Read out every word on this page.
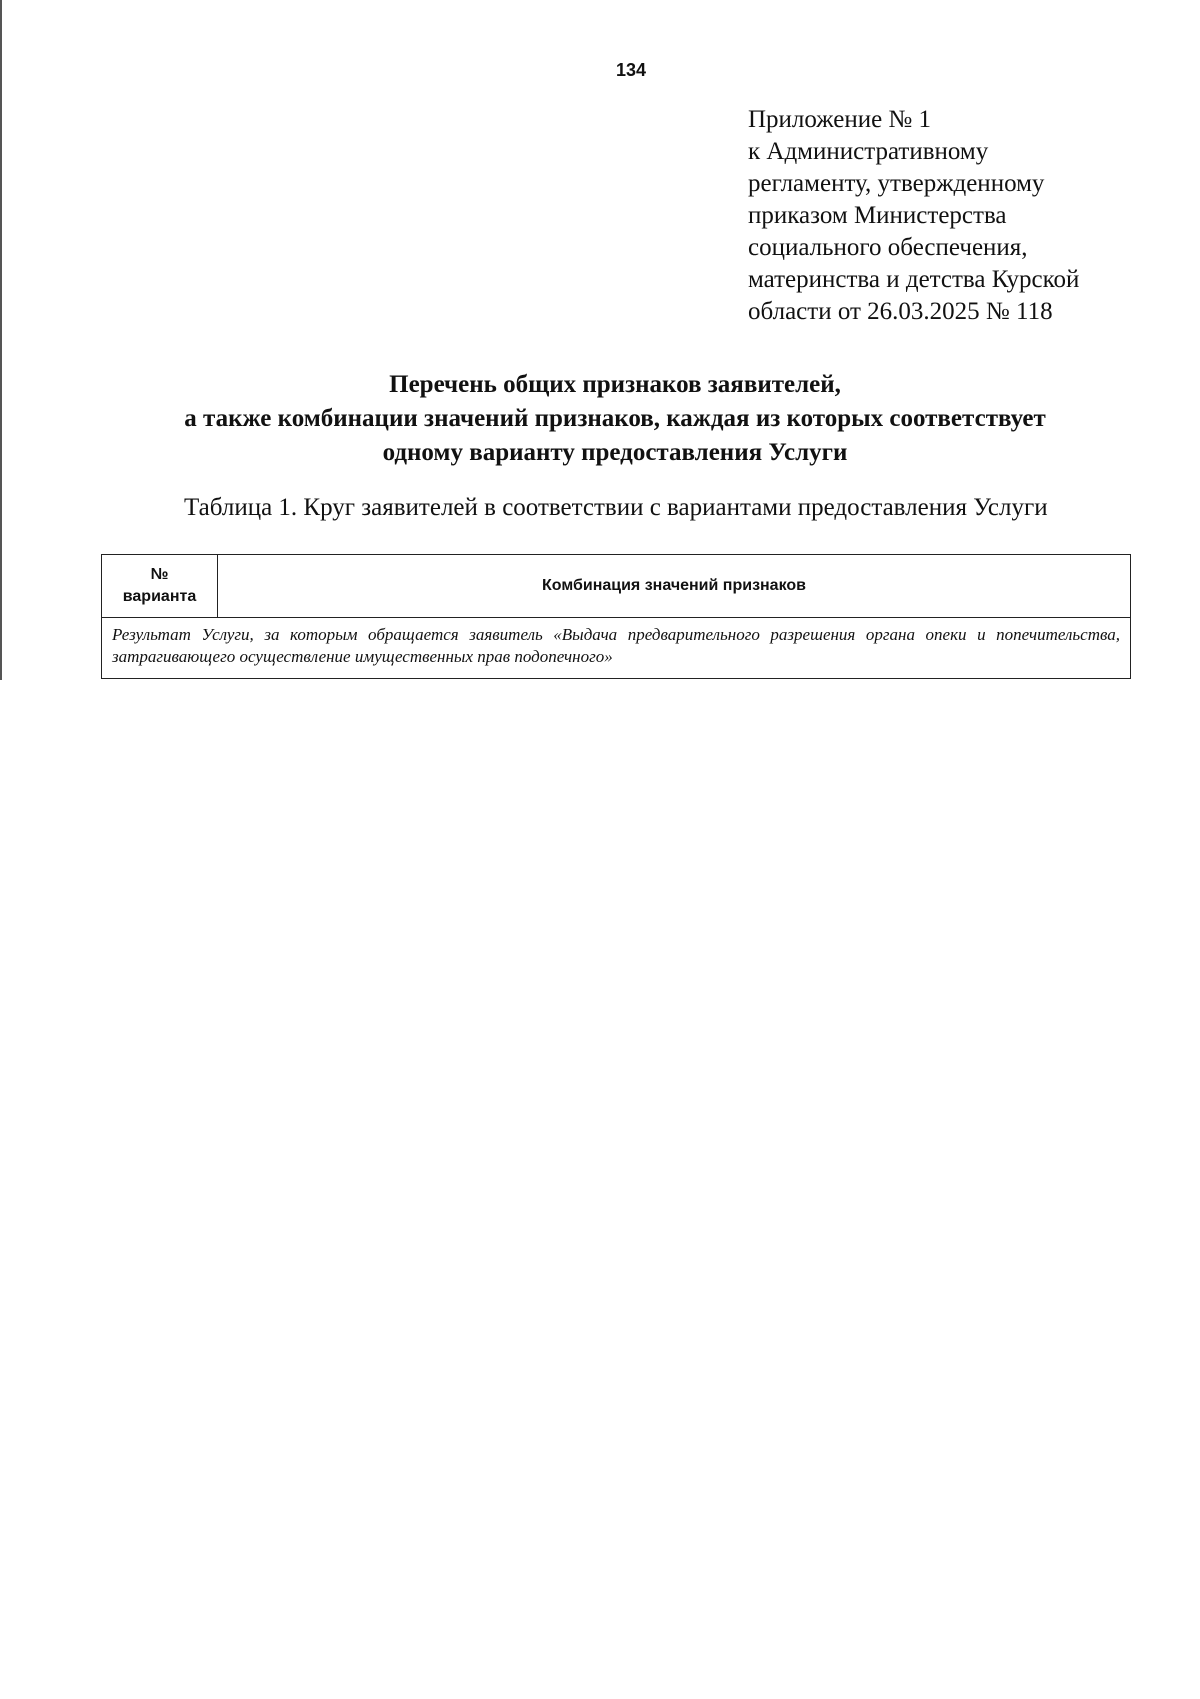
134
Приложение № 1
к Административному
регламенту, утвержденному
приказом Министерства
социального обеспечения,
материнства и детства Курской
области от 26.03.2025 № 118
Перечень общих признаков заявителей,
а также комбинации значений признаков, каждая из которых соответствует
одному варианту предоставления Услуги
Таблица 1. Круг заявителей в соответствии с вариантами предоставления Услуги
№
варианта
	Комбинация значений признаков
Результат Услуги, за которым обращается заявитель «Выдача предварительного разрешения органа опеки и попечительства, затрагивающего осуществление имущественных прав подопечного»
